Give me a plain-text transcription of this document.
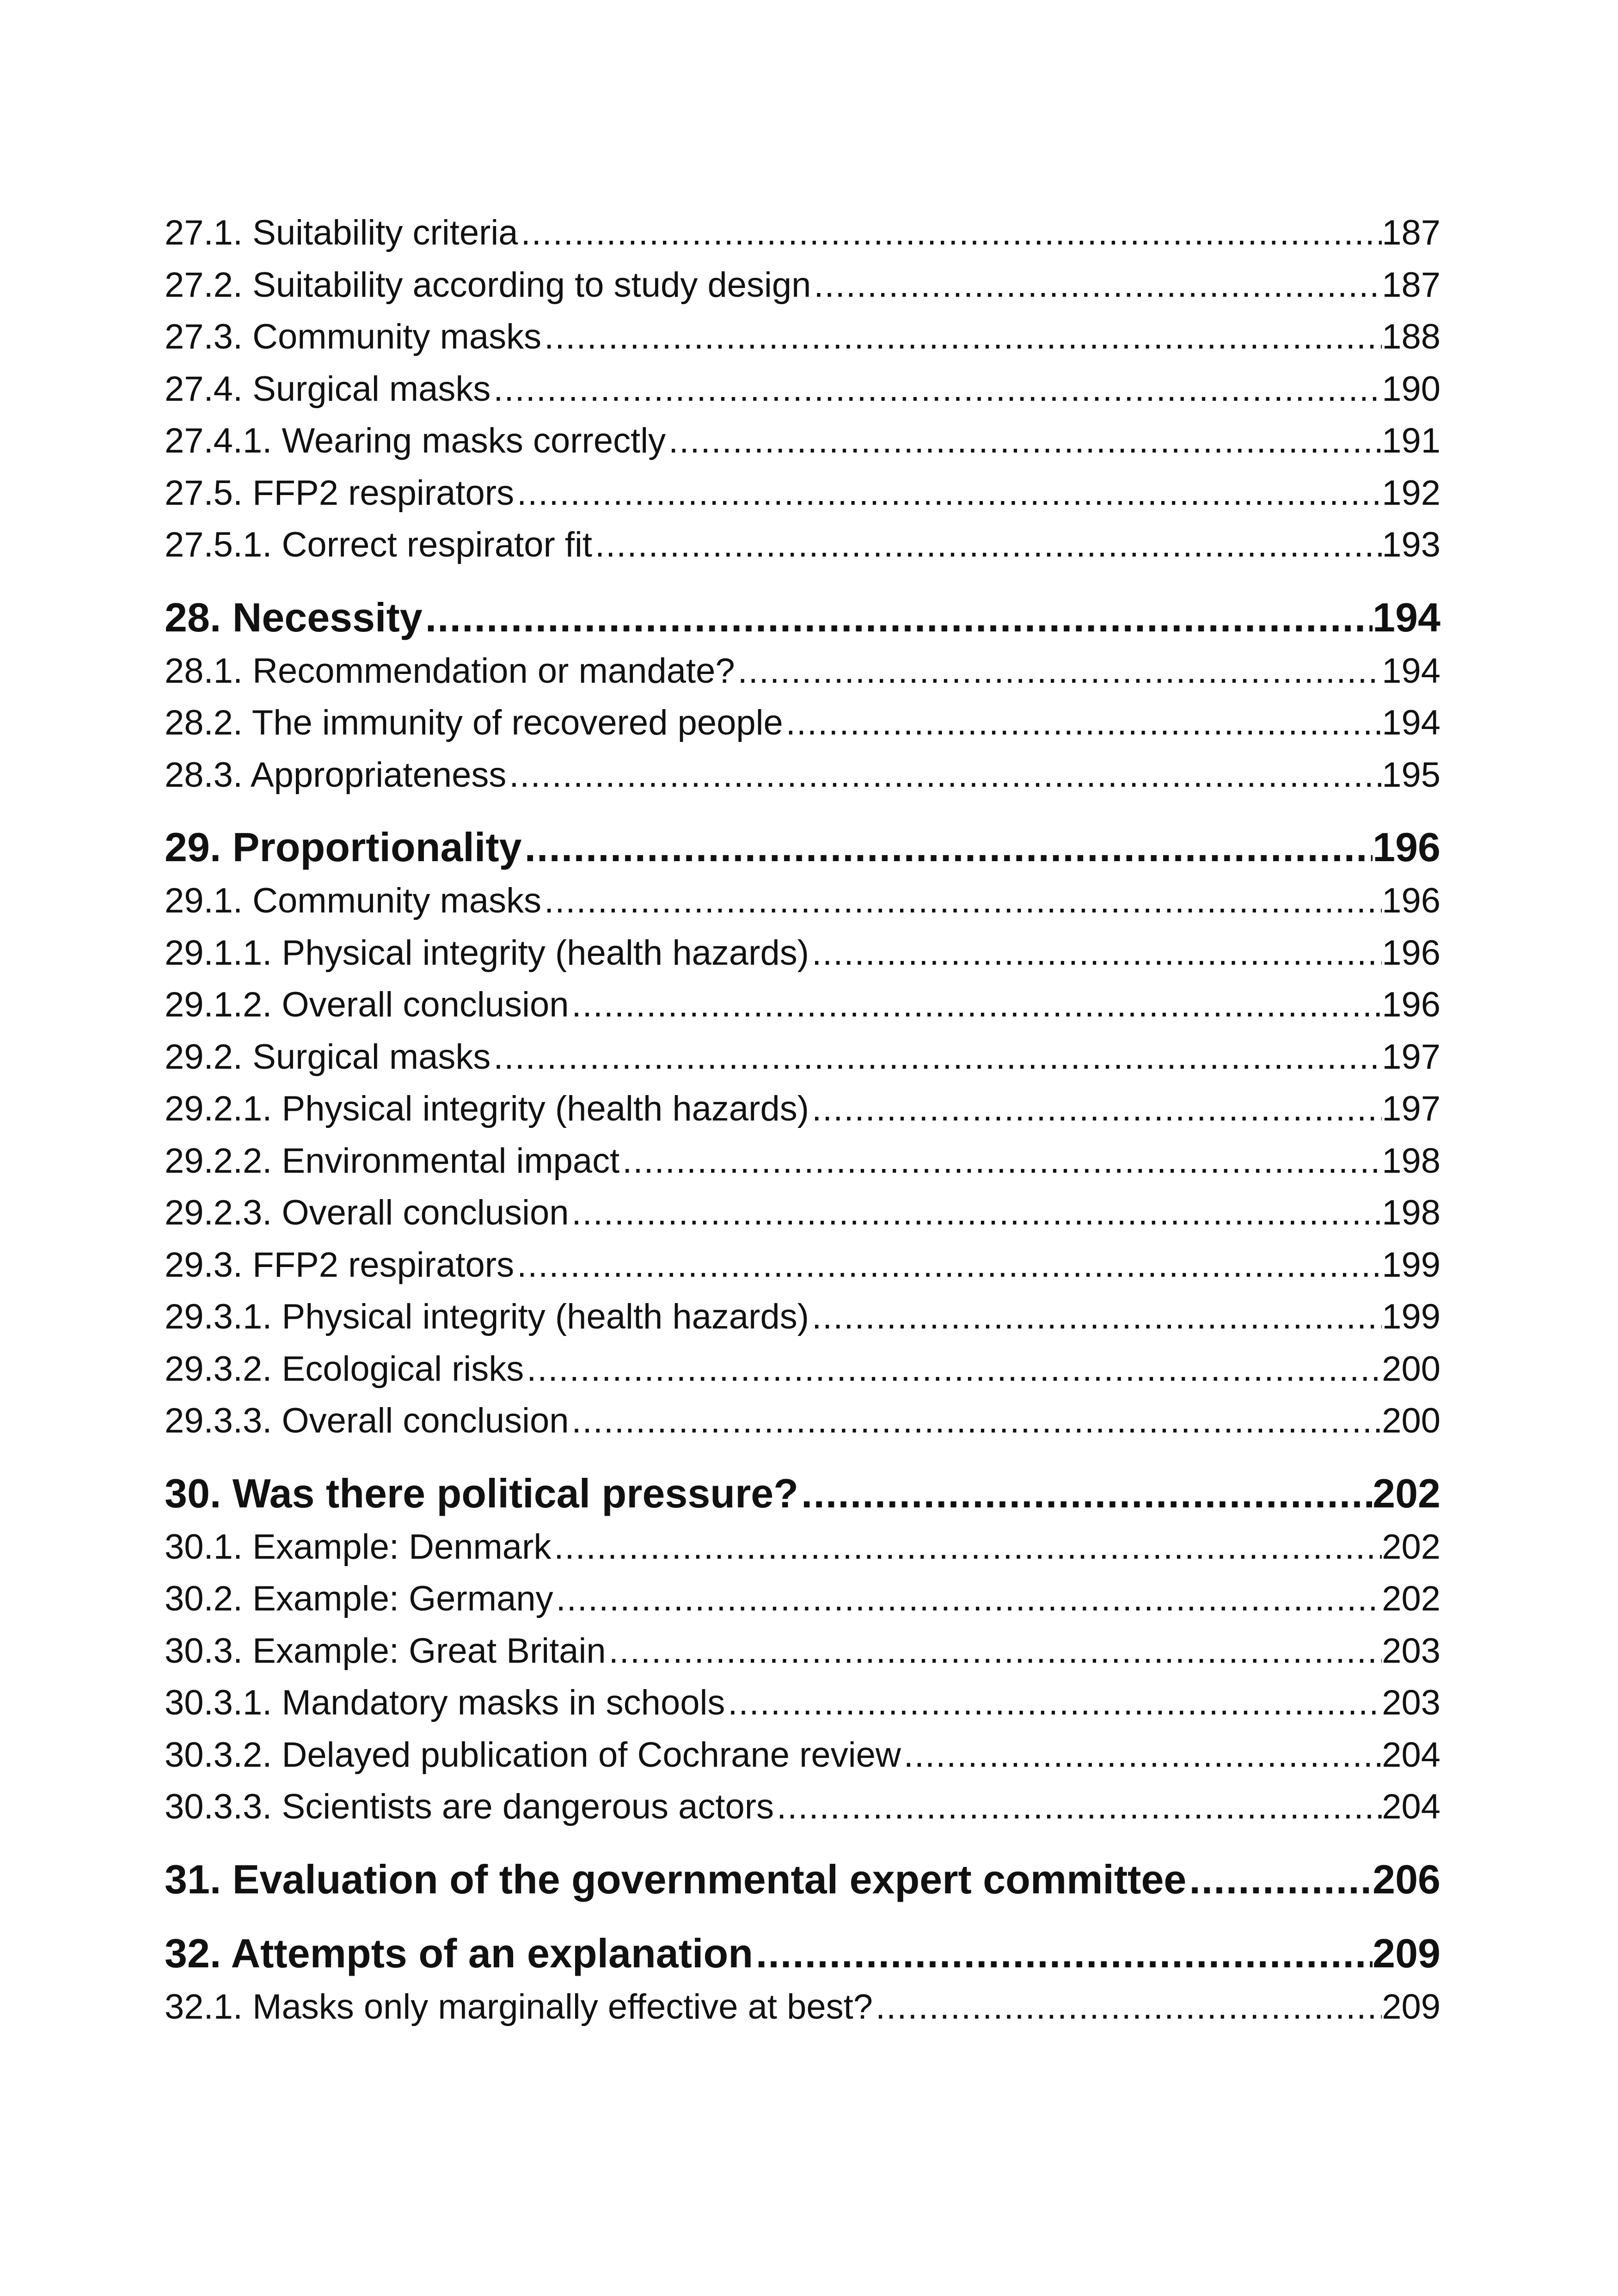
27.1. Suitability criteria .....	187
27.2. Suitability according to study design .....	187
27.3. Community masks .....	188
27.4. Surgical masks .....	190
27.4.1. Wearing masks correctly .....	191
27.5. FFP2 respirators .....	192
27.5.1. Correct respirator fit .....	193
28. Necessity .....	194
28.1. Recommendation or mandate? .....	194
28.2. The immunity of recovered people .....	194
28.3. Appropriateness .....	195
29. Proportionality .....	196
29.1. Community masks .....	196
29.1.1. Physical integrity (health hazards) .....	196
29.1.2. Overall conclusion .....	196
29.2. Surgical masks .....	197
29.2.1. Physical integrity (health hazards) .....	197
29.2.2. Environmental impact .....	198
29.2.3. Overall conclusion .....	198
29.3. FFP2 respirators .....	199
29.3.1. Physical integrity (health hazards) .....	199
29.3.2. Ecological risks .....	200
29.3.3. Overall conclusion .....	200
30. Was there political pressure? .....	202
30.1. Example: Denmark .....	202
30.2. Example: Germany .....	202
30.3. Example: Great Britain .....	203
30.3.1. Mandatory masks in schools .....	203
30.3.2. Delayed publication of Cochrane review .....	204
30.3.3. Scientists are dangerous actors .....	204
31. Evaluation of the governmental expert committee .....	206
32. Attempts of an explanation .....	209
32.1. Masks only marginally effective at best? .....	209
